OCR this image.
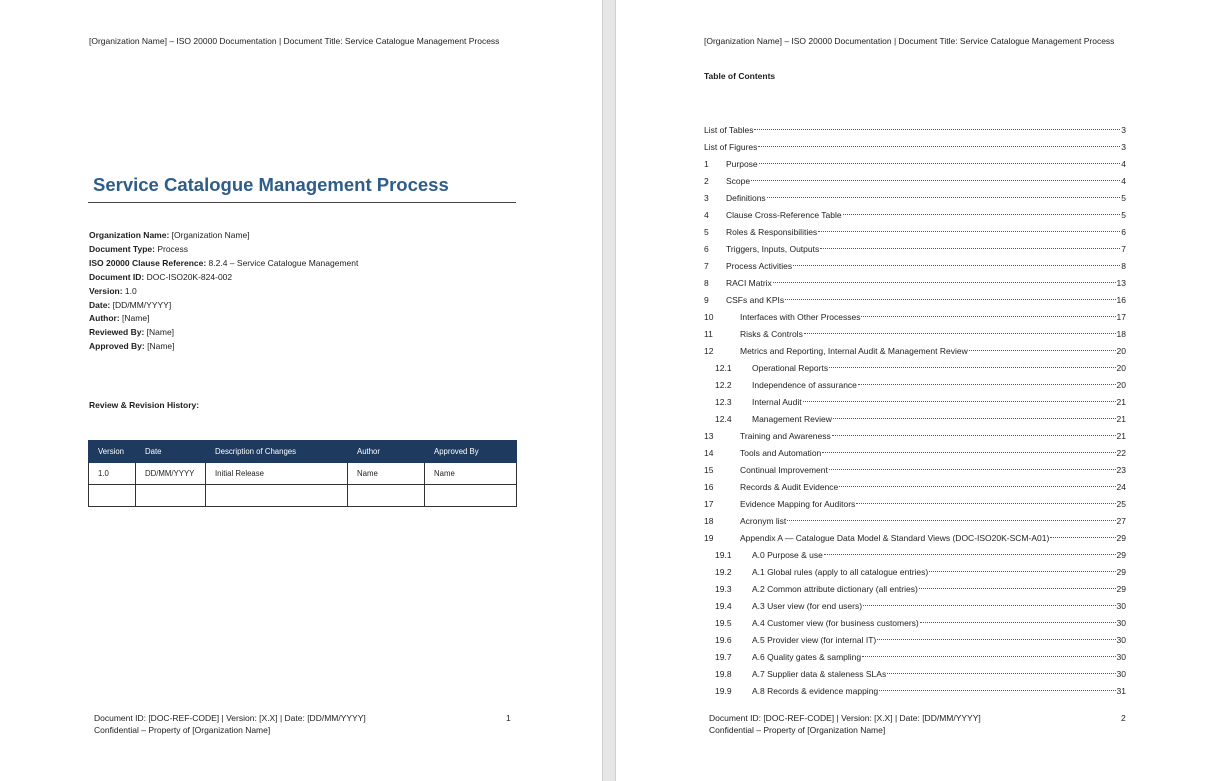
[Organization Name] – ISO 20000 Documentation | Document Title: Service Catalogue Management Process
Service Catalogue Management Process
Organization Name: [Organization Name]
Document Type: Process
ISO 20000 Clause Reference: 8.2.4 – Service Catalogue Management
Document ID: DOC-ISO20K-824-002
Version: 1.0
Date: [DD/MM/YYYY]
Author: [Name]
Reviewed By: [Name]
Approved By: [Name]
Review & Revision History:
Version	Date	Description of Changes	Author	Approved By
1.0	DD/MM/YYYY	Initial Release	Name	Name

Document ID: [DOC-REF-CODE] | Version: [X.X] | Date: [DD/MM/YYYY]
Confidential – Property of [Organization Name]
1
[Organization Name] – ISO 20000 Documentation | Document Title: Service Catalogue Management Process
Table of Contents
List of Tables	3
List of Figures	3
1 Purpose	4
2 Scope	4
3 Definitions	5
4 Clause Cross-Reference Table	5
5 Roles & Responsibilities	6
6 Triggers, Inputs, Outputs	7
7 Process Activities	8
8 RACI Matrix	13
9 CSFs and KPIs	16
10	Interfaces with Other Processes	17
11	Risks & Controls	18
12	Metrics and Reporting, Internal Audit & Management Review	20
12.1 Operational Reports	20
12.2 Independence of assurance	20
12.3 Internal Audit	21
12.4 Management Review	21
13	Training and Awareness	21
14	Tools and Automation	22
15	Continual Improvement	23
16	Records & Audit Evidence	24
17	Evidence Mapping for Auditors	25
18	Acronym list	27
19	Appendix A — Catalogue Data Model & Standard Views (DOC-ISO20K-SCM-A01)	29
19.1 A.0 Purpose & use	29
19.2 A.1 Global rules (apply to all catalogue entries)	29
19.3 A.2 Common attribute dictionary (all entries)	29
19.4 A.3 User view (for end users)	30
19.5 A.4 Customer view (for business customers)	30
19.6 A.5 Provider view (for internal IT)	30
19.7 A.6 Quality gates & sampling	30
19.8 A.7 Supplier data & staleness SLAs	30
19.9 A.8 Records & evidence mapping	31
Document ID: [DOC-REF-CODE] | Version: [X.X] | Date: [DD/MM/YYYY]
Confidential – Property of [Organization Name]
2
